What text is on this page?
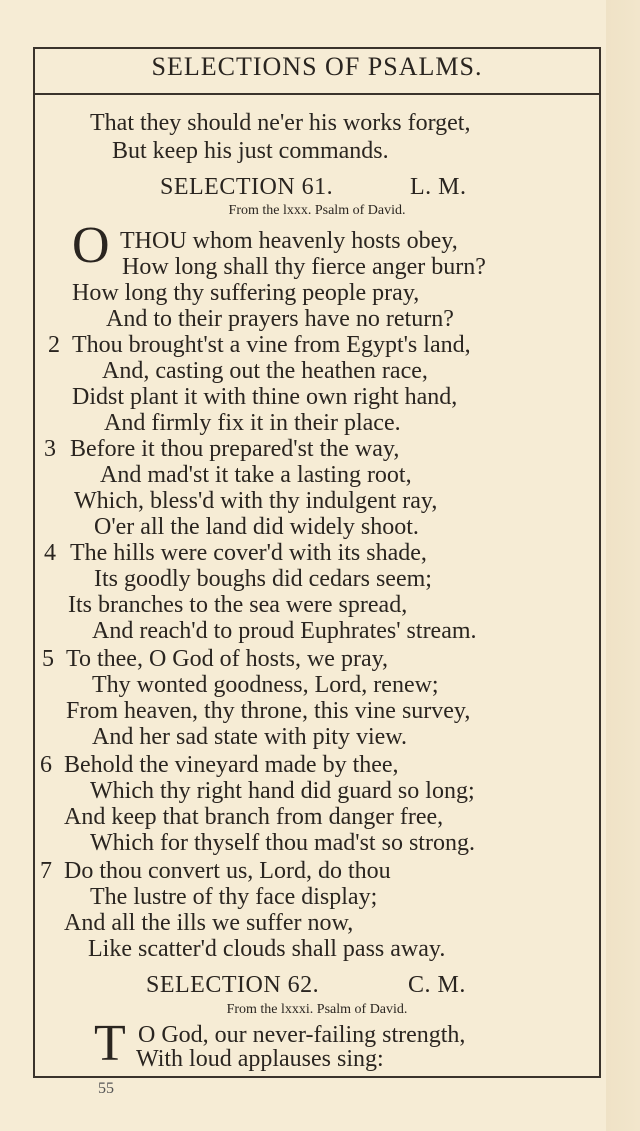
SELECTIONS OF PSALMS.
That they should ne'er his works forget,
But keep his just commands.
SELECTION 61.	L. M.
From the lxxx. Psalm of David.
O THOU whom heavenly hosts obey,
How long shall thy fierce anger burn?
How long thy suffering people pray,
And to their prayers have no return?
2 Thou brought'st a vine from Egypt's land,
And, casting out the heathen race,
Didst plant it with thine own right hand,
And firmly fix it in their place.
3 Before it thou prepared'st the way,
And mad'st it take a lasting root,
Which, bless'd with thy indulgent ray,
O'er all the land did widely shoot.
4 The hills were cover'd with its shade,
Its goodly boughs did cedars seem;
Its branches to the sea were spread,
And reach'd to proud Euphrates' stream.
5 To thee, O God of hosts, we pray,
Thy wonted goodness, Lord, renew;
From heaven, thy throne, this vine survey,
And her sad state with pity view.
6 Behold the vineyard made by thee,
Which thy right hand did guard so long;
And keep that branch from danger free,
Which for thyself thou mad'st so strong.
7 Do thou convert us, Lord, do thou
The lustre of thy face display;
And all the ills we suffer now,
Like scatter'd clouds shall pass away.
SELECTION 62.	C. M.
From the lxxxi. Psalm of David.
T O God, our never-failing strength,
With loud applauses sing:
55
